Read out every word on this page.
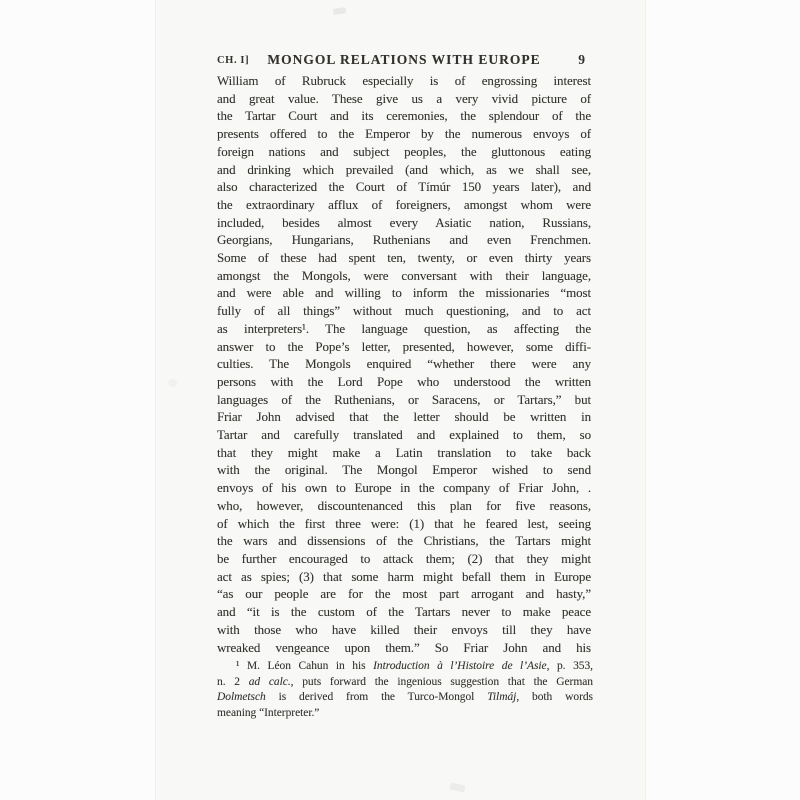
CH. I]	MONGOL RELATIONS WITH EUROPE	9
William of Rubruck especially is of engrossing interest
and great value. These give us a very vivid picture of
the Tartar Court and its ceremonies, the splendour of the
presents offered to the Emperor by the numerous envoys of
foreign nations and subject peoples, the gluttonous eating
and drinking which prevailed (and which, as we shall see,
also characterized the Court of Tímúr 150 years later), and
the extraordinary afflux of foreigners, amongst whom were
included, besides almost every Asiatic nation, Russians,
Georgians, Hungarians, Ruthenians and even Frenchmen.
Some of these had spent ten, twenty, or even thirty years
amongst the Mongols, were conversant with their language,
and were able and willing to inform the missionaries “most
fully of all things” without much questioning, and to act
as interpreters¹. The language question, as affecting the
answer to the Pope’s letter, presented, however, some diffi-
culties. The Mongols enquired “whether there were any
persons with the Lord Pope who understood the written
languages of the Ruthenians, or Saracens, or Tartars,” but
Friar John advised that the letter should be written in
Tartar and carefully translated and explained to them, so
that they might make a Latin translation to take back
with the original. The Mongol Emperor wished to send
envoys of his own to Europe in the company of Friar John, .
who, however, discountenanced this plan for five reasons,
of which the first three were: (1) that he feared lest, seeing
the wars and dissensions of the Christians, the Tartars might
be further encouraged to attack them; (2) that they might
act as spies; (3) that some harm might befall them in Europe
“as our people are for the most part arrogant and hasty,”
and “it is the custom of the Tartars never to make peace
with those who have killed their envoys till they have
wreaked vengeance upon them.” So Friar John and his
¹ M. Léon Cahun in his Introduction à l’Histoire de l’Asie, p. 353,
n. 2 ad calc., puts forward the ingenious suggestion that the German
Dolmetsch is derived from the Turco-Mongol Tilmáj, both words
meaning “Interpreter.”
